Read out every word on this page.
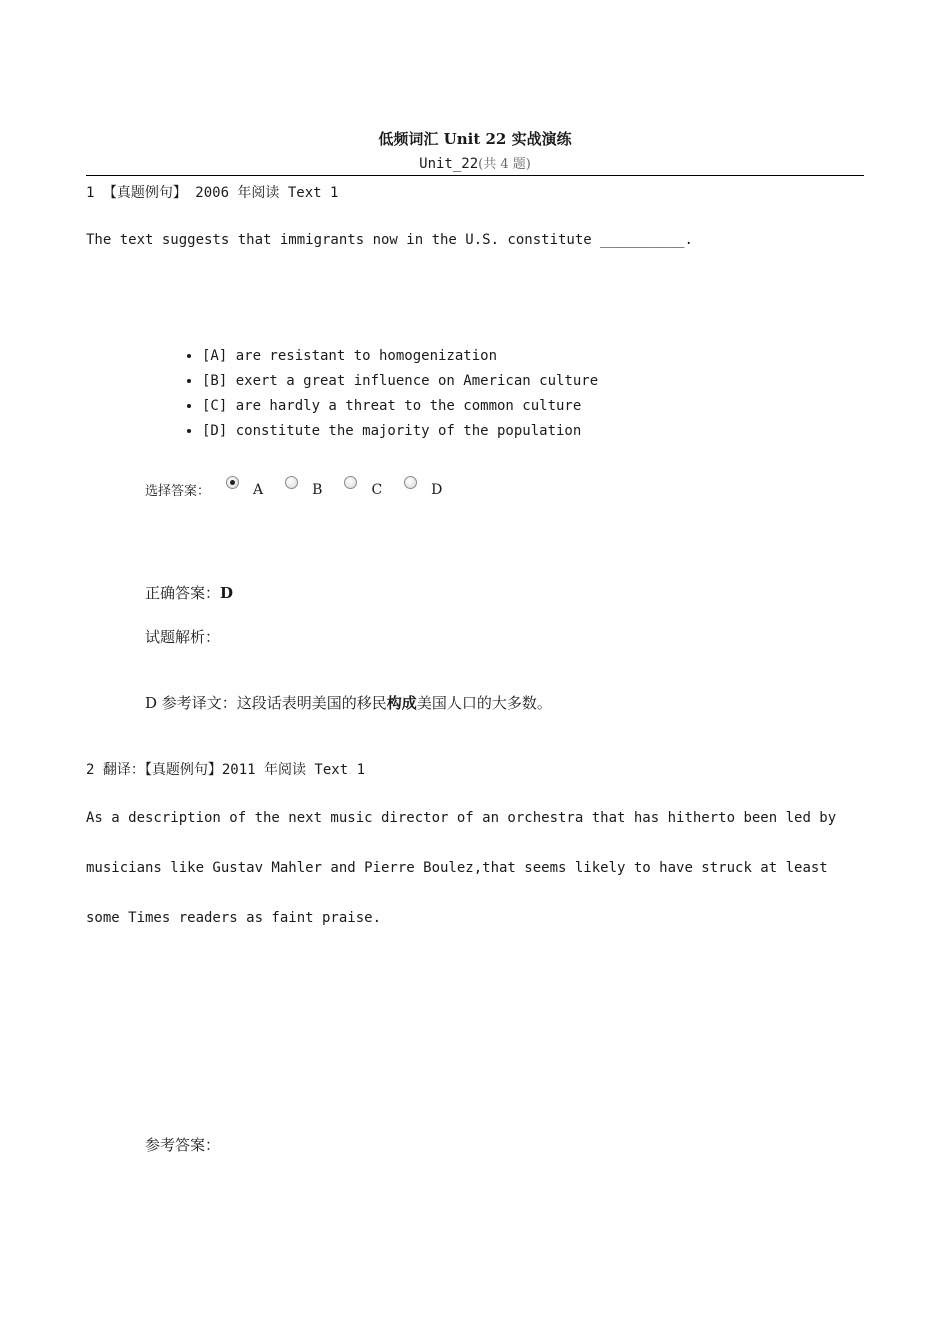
低频词汇 Unit 22 实战演练
Unit_22(共 4 题)
1 【真题例句】 2006 年阅读 Text 1
The text suggests that immigrants now in the U.S. constitute __________.
• [A] are resistant to homogenization
• [B] exert a great influence on American culture
• [C] are hardly a threat to the common culture
• [D] constitute the majority of the population
选择答案：	A	B	C	D
正确答案：D
试题解析：
D 参考译文：这段话表明美国的移民构成美国人口的大多数。
2 翻译：【真题例句】2011 年阅读 Text 1
As a description of the next music director of an orchestra that has hitherto been led by
musicians like Gustav Mahler and Pierre Boulez,that seems likely to have struck at least
some Times readers as faint praise.
参考答案：
